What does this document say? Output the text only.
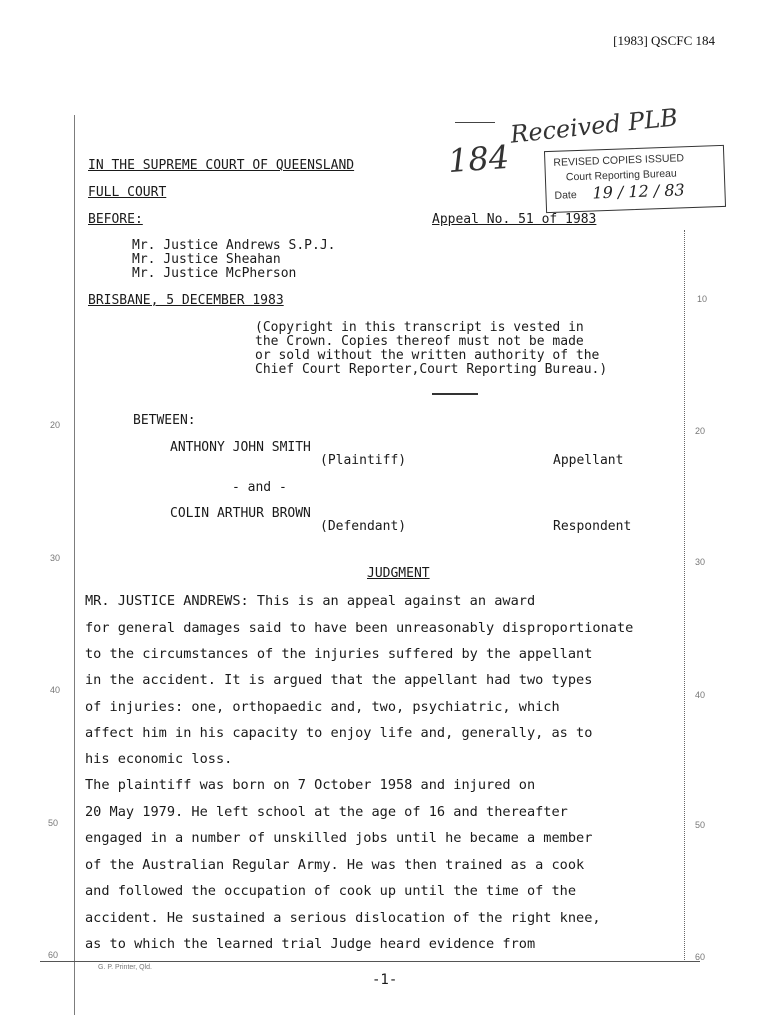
[1983] QSCFC 184
Received PLB
184	REVISED COPIES ISSUED
Court Reporting Bureau
Date 19 / 12 / 83
20
30
40
50
60
10
20
30
40
50
60
IN THE SUPREME COURT OF QUEENSLAND
FULL COURT
BEFORE:	Appeal No. 51 of 1983
Mr. Justice Andrews S.P.J.
Mr. Justice Sheahan
Mr. Justice McPherson
BRISBANE, 5 DECEMBER 1983
(Copyright in this transcript is vested in
the Crown. Copies thereof must not be made
or sold without the written authority of the
Chief Court Reporter,Court Reporting Bureau.)
BETWEEN:
ANTHONY JOHN SMITH
(Plaintiff)	Appellant
- and -
COLIN ARTHUR BROWN
(Defendant)	Respondent
JUDGMENT
MR. JUSTICE ANDREWS: This is an appeal against an award
for general damages said to have been unreasonably disproportionate
to the circumstances of the injuries suffered by the appellant
in the accident. It is argued that the appellant had two types
of injuries: one, orthopaedic and, two, psychiatric, which
affect him in his capacity to enjoy life and, generally, as to
his economic loss.
The plaintiff was born on 7 October 1958 and injured on
20 May 1979. He left school at the age of 16 and thereafter
engaged in a number of unskilled jobs until he became a member
of the Australian Regular Army. He was then trained as a cook
and followed the occupation of cook up until the time of the
accident. He sustained a serious dislocation of the right knee,
as to which the learned trial Judge heard evidence from
G. P. Printer, Qld.
-1-
